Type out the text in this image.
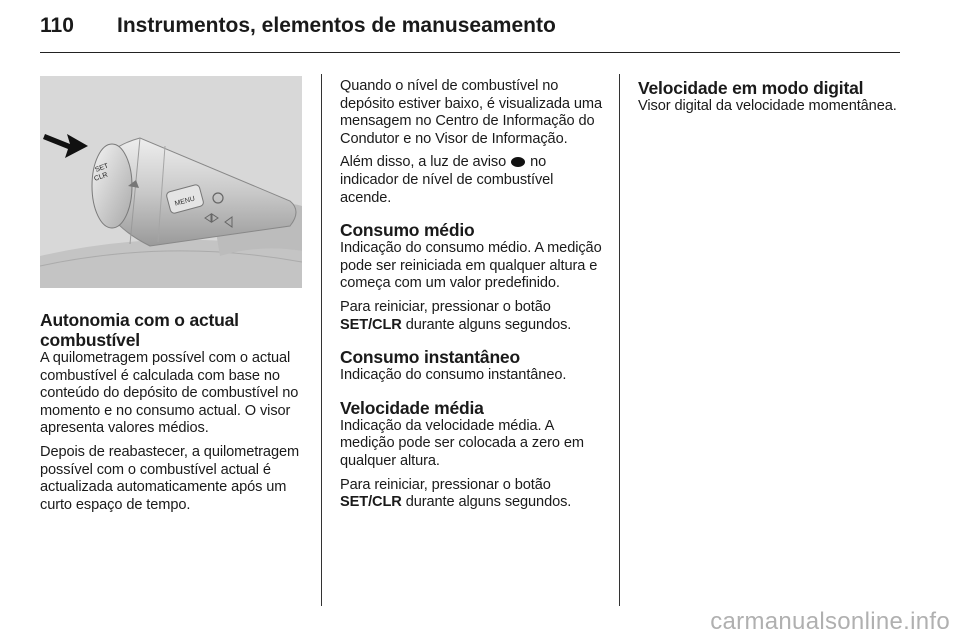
110	Instrumentos, elementos de manuseamento
SET
CLR
MENU
Autonomia com o actual combustível

A quilometragem possível com o actual combustível é calculada com base no conteúdo do depósito de combustível no momento e no consumo actual. O visor apresenta valores médios.

Depois de reabastecer, a quilometragem possível com o combustível actual é actualizada automaticamente após um curto espaço de tempo.

Quando o nível de combustível no depósito estiver baixo, é visualizada uma mensagem no Centro de Informação do Condutor e no Visor de Informação.

Além disso, a luz de aviso no indicador de nível de combustível acende.

Consumo médio

Indicação do consumo médio. A medição pode ser reiniciada em qualquer altura e começa com um valor predefinido.

Para reiniciar, pressionar o botão SET/CLR durante alguns segundos.

Consumo instantâneo

Indicação do consumo instantâneo.

Velocidade média

Indicação da velocidade média. A medição pode ser colocada a zero em qualquer altura.

Para reiniciar, pressionar o botão SET/CLR durante alguns segundos.

Velocidade em modo digital

Visor digital da velocidade momentânea.

carmanualsonline.info
